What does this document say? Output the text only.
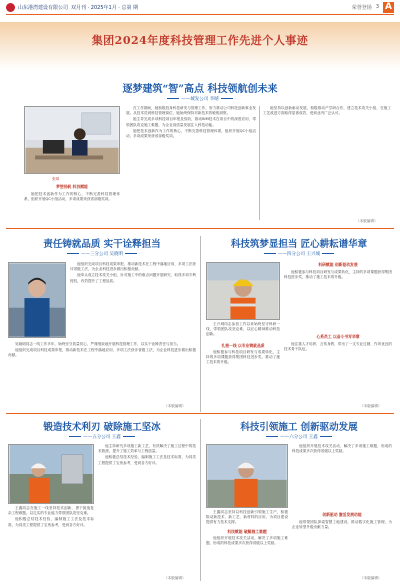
山东港湾建设有限公司 双月刊 · 2025年1月 · 总第 期	荣誉登场 3 A
集团2024年度科技管理工作先进个人事迹
逐梦建筑“智”高点 科技领航创未来
——城发公司 李晴
张晴
梦想扬帆 科技赋能

在工作期间，她积极投身科技研发与管理工作，努力推动公司科技创新事业发展。从技术员到科技管理岗位，她始终保持对新技术的敏锐洞察。

她主导完成多项科技项目申报及验收，推动BIM技术在项目中的深度应用，带领团队攻克施工难题，为企业高质量发展注入科技动能。

她把技术创新作为工作的核心，不断完善科技管理体系，组织开展QC小组活动，多项成果荣获省部级奖项。

她坚持以创新驱动发展，积极推动产学研合作，建立技术攻关小组，在施工工艺改进方面取得显著成效，受到业内广泛认可。

（本版编辑）

她把技术创新作为工作的核心，不断完善科技管理体系，组织开展QC小组活动，多项成果荣获省部级奖项。

责任铸就品质 实干诠释担当
——三分公司 吴晓明

他组织完成项目科技成果申报，推动新技术在工程中落地应用，多项工法获评省级工法，为企业科技进步做出积极贡献。

他牵头成立技术攻关小组，针对施工中的难点问题开展研究，取得多项专利授权，有效提升了工程品质。

吴晓明同志一线工作多年，始终坚守质量初心，严谨细致地开展科技管理工作，以实干诠释责任与担当。

他组织完成项目科技成果申报，推动新技术在工程中落地应用，多项工法获评省级工法，为企业科技进步做出积极贡献。

（本版编辑）
科技筑梦显担当 匠心耕耘谱华章
——四分公司 王兴城

王兴城同志参加工作以来始终坚守科研一线，带领团队攻坚克难，以匠心精神推动科技创新。

扎根一线 以专业铸就品质

他积极参与科技项目研发与成果转化，主持的多项课题获得集团科技进步奖，推动了施工技术的升级。

科研赋能 创新驱动发展

他积极参与科技项目研发与成果转化，主持的多项课题获得集团科技进步奖，推动了施工技术的升级。

心系员工 以奋斗书写华章

他注重人才培养，言传身教，带出了一支专业过硬、作风优良的技术骨干队伍。

（本版编辑）
锻造技术利刃 破除施工坚冰
——五分公司 王鑫

王鑫同志在施工一线坚持技术创新，勇于挑战复杂工程难题，以扎实的专业能力带领团队攻坚克难。

他积极总结技术经验，编制施工工法及技术标准，为同类工程提供了宝贵参考，受到各方好评。

他主持研究多项施工新工艺，有效解决了施工过程中的技术瓶颈，提升了施工效率与工程质量。

他积极总结技术经验，编制施工工法及技术标准，为同类工程提供了宝贵参考，受到各方好评。

（本版编辑）
科技引领施工 创新驱动发展
——六分公司 王鑫

王鑫同志坚持以科技创新引领施工生产，积极推动新技术、新工艺、新材料的应用，为项目建设提供有力技术支撑。

科技赋能 破解施工难题

他组织开展技术攻关活动，解决了多项施工难题，形成的科技成果多次获得省级以上奖励。

他组织开展技术攻关活动，解决了多项施工难题，形成的科技成果多次获得省级以上奖励。

创新驱动 激活发展动能

他带领团队探索智慧工地建设，推动数字化施工管理，为企业转型升级贡献力量。

（本版编辑）
